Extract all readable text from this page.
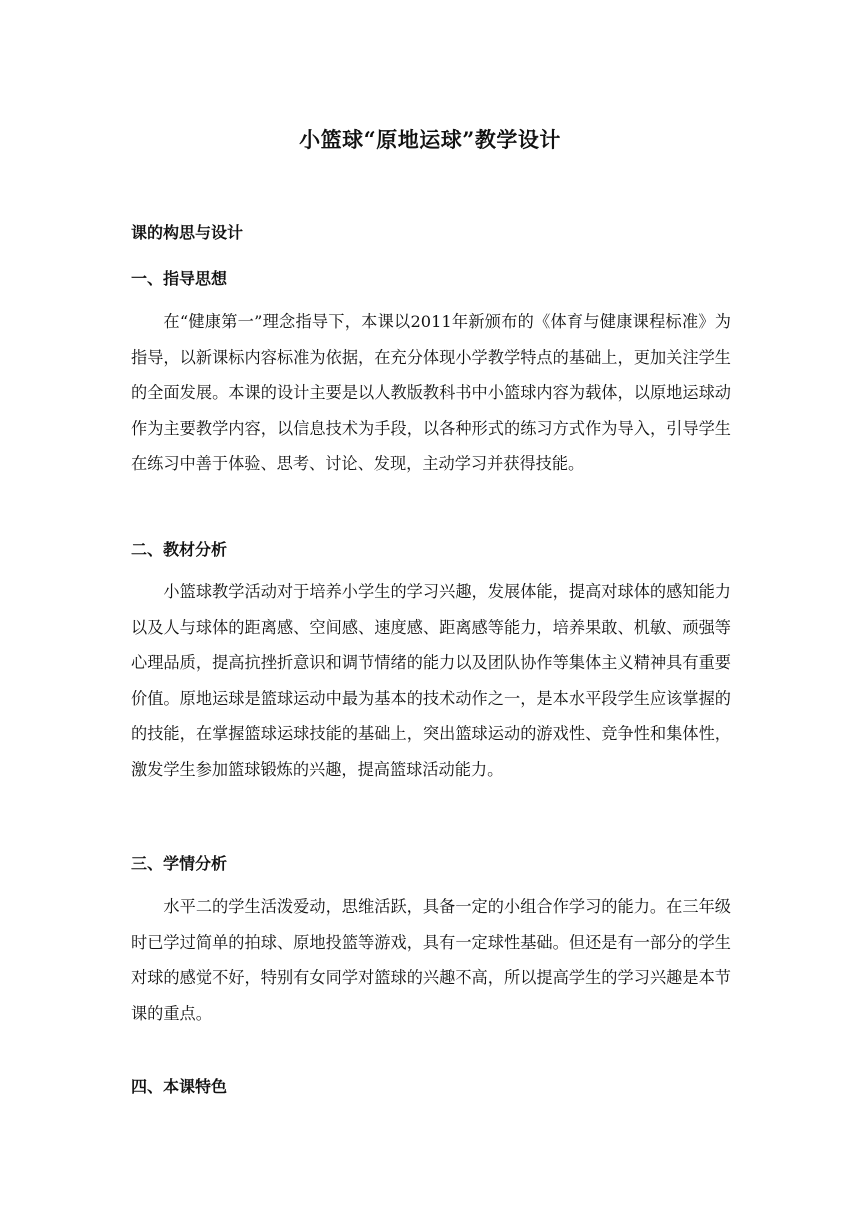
小篮球“原地运球”教学设计

课的构思与设计

一、指导思想

在“健康第一”理念指导下，本课以2011年新颁布的《体育与健康课程标准》为指导，以新课标内容标准为依据，在充分体现小学教学特点的基础上，更加关注学生的全面发展。本课的设计主要是以人教版教科书中小篮球内容为载体，以原地运球动作为主要教学内容，以信息技术为手段，以各种形式的练习方式作为导入，引导学生在练习中善于体验、思考、讨论、发现，主动学习并获得技能。

二、教材分析

小篮球教学活动对于培养小学生的学习兴趣，发展体能，提高对球体的感知能力以及人与球体的距离感、空间感、速度感、距离感等能力，培养果敢、机敏、顽强等心理品质，提高抗挫折意识和调节情绪的能力以及团队协作等集体主义精神具有重要价值。原地运球是篮球运动中最为基本的技术动作之一，是本水平段学生应该掌握的的技能，在掌握篮球运球技能的基础上，突出篮球运动的游戏性、竞争性和集体性，激发学生参加篮球锻炼的兴趣，提高篮球活动能力。

三、学情分析

水平二的学生活泼爱动，思维活跃，具备一定的小组合作学习的能力。在三年级时已学过简单的拍球、原地投篮等游戏，具有一定球性基础。但还是有一部分的学生对球的感觉不好，特别有女同学对篮球的兴趣不高，所以提高学生的学习兴趣是本节课的重点。

四、本课特色
